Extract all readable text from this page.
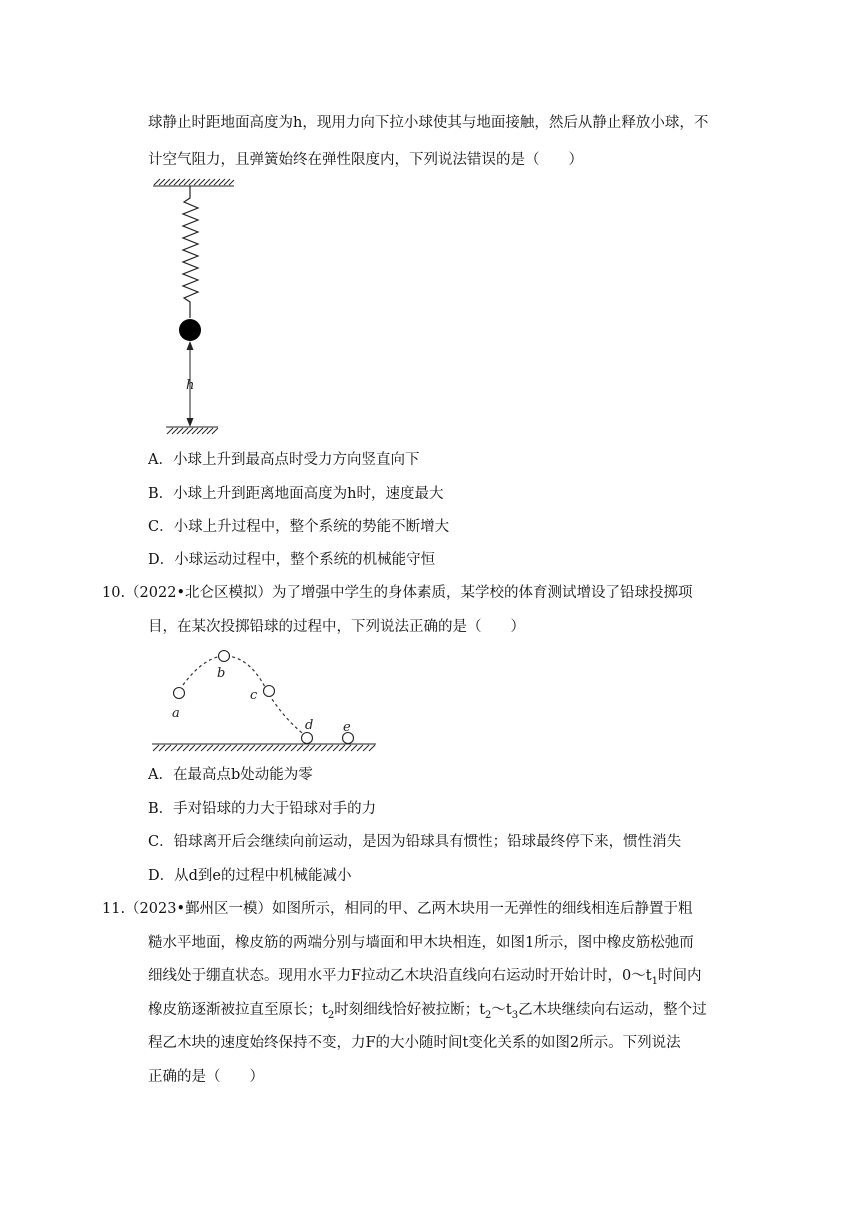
球静止时距地面高度为h，现用力向下拉小球使其与地面接触，然后从静止释放小球，不
计空气阻力，且弹簧始终在弹性限度内，下列说法错误的是（　　）
h
A．小球上升到最高点时受力方向竖直向下
B．小球上升到距离地面高度为h时，速度最大
C．小球上升过程中，整个系统的势能不断增大
D．小球运动过程中，整个系统的机械能守恒
10.（2022•北仑区模拟）为了增强中学生的身体素质，某学校的体育测试增设了铅球投掷项
目，在某次投掷铅球的过程中，下列说法正确的是（　　）
a
b
c
d e
A．在最高点b处动能为零
B．手对铅球的力大于铅球对手的力
C．铅球离开后会继续向前运动，是因为铅球具有惯性；铅球最终停下来，惯性消失
D．从d到e的过程中机械能减小
11.（2023•鄞州区一模）如图所示，相同的甲、乙两木块用一无弹性的细线相连后静置于粗
糙水平地面，橡皮筋的两端分别与墙面和甲木块相连，如图1所示，图中橡皮筋松弛而
细线处于绷直状态。现用水平力F拉动乙木块沿直线向右运动时开始计时，$0\sim t_1$时间内
橡皮筋逐渐被拉直至原长；$t_2$时刻细线恰好被拉断；$t_2\sim t_3$乙木块继续向右运动，整个过
程乙木块的速度始终保持不变，力F的大小随时间t变化关系的如图2所示。下列说法
正确的是（　　）
